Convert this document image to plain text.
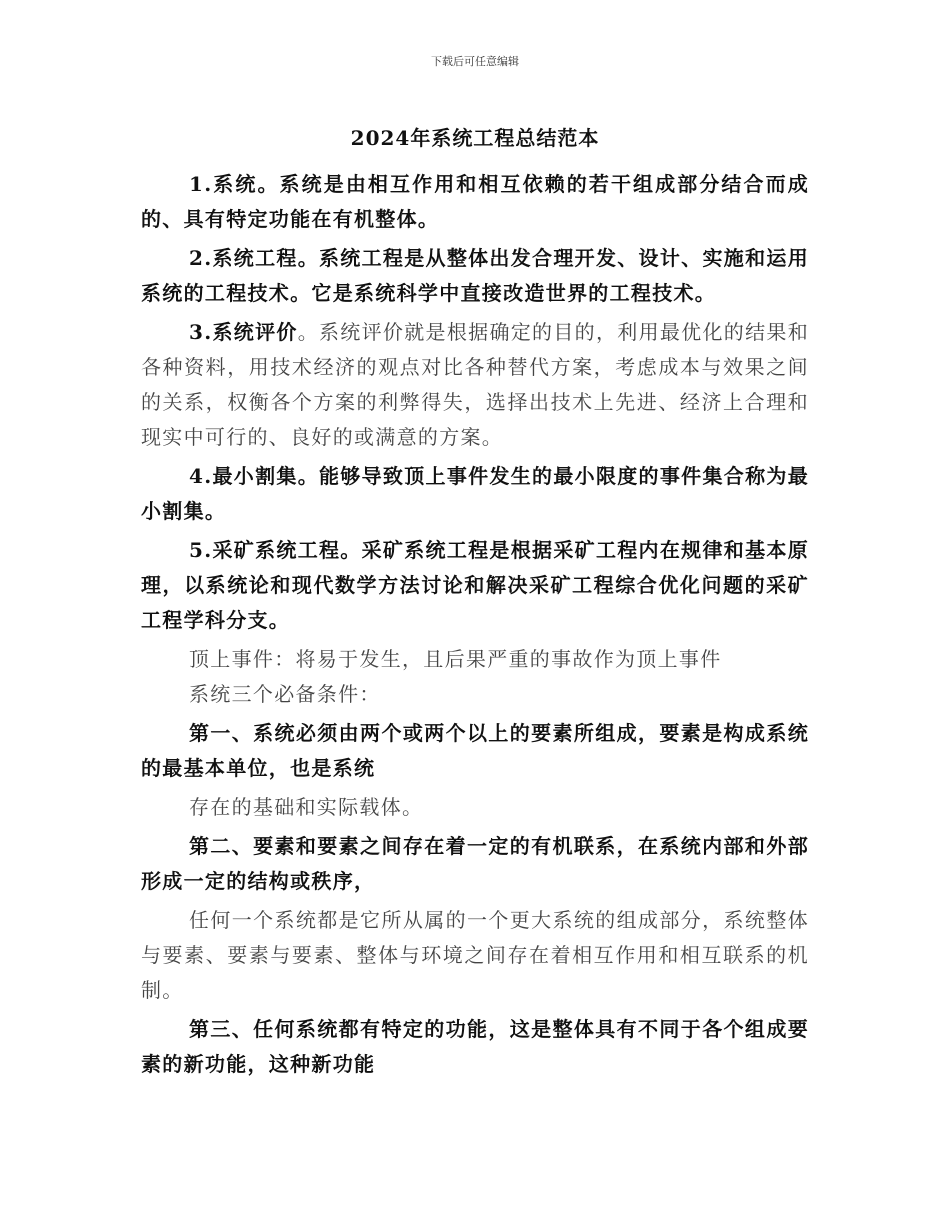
下载后可任意编辑
2024年系统工程总结范本

1.系统。系统是由相互作用和相互依赖的若干组成部分结合而成的、具有特定功能在有机整体。

2.系统工程。系统工程是从整体出发合理开发、设计、实施和运用系统的工程技术。它是系统科学中直接改造世界的工程技术。

3.系统评价。系统评价就是根据确定的目的，利用最优化的结果和各种资料，用技术经济的观点对比各种替代方案，考虑成本与效果之间的关系，权衡各个方案的利弊得失，选择出技术上先进、经济上合理和现实中可行的、良好的或满意的方案。

4.最小割集。能够导致顶上事件发生的最小限度的事件集合称为最小割集。

5.采矿系统工程。采矿系统工程是根据采矿工程内在规律和基本原理，以系统论和现代数学方法讨论和解决采矿工程综合优化问题的采矿工程学科分支。

顶上事件：将易于发生，且后果严重的事故作为顶上事件

系统三个必备条件：

第一、系统必须由两个或两个以上的要素所组成，要素是构成系统的最基本单位，也是系统

存在的基础和实际载体。

第二、要素和要素之间存在着一定的有机联系，在系统内部和外部形成一定的结构或秩序，

任何一个系统都是它所从属的一个更大系统的组成部分，系统整体与要素、要素与要素、整体与环境之间存在着相互作用和相互联系的机制。

第三、任何系统都有特定的功能，这是整体具有不同于各个组成要素的新功能，这种新功能
